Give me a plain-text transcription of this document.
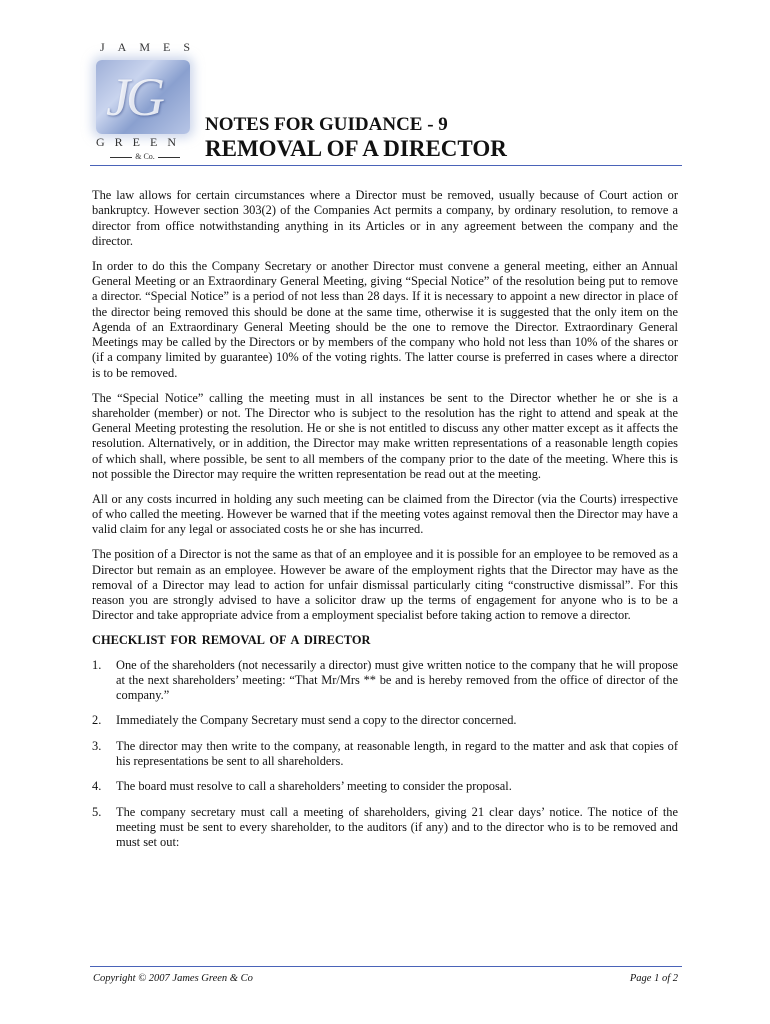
JAMES
JG
GREEN
& Co.
NOTES FOR GUIDANCE - 9
REMOVAL OF A DIRECTOR

The law allows for certain circumstances where a Director must be removed, usually because of Court action or bankruptcy. However section 303(2) of the Companies Act permits a company, by ordinary resolution, to remove a director from office notwithstanding anything in its Articles or in any agreement between the company and the director.

In order to do this the Company Secretary or another Director must convene a general meeting, either an Annual General Meeting or an Extraordinary General Meeting, giving “Special Notice” of the resolution being put to remove a director. “Special Notice” is a period of not less than 28 days. If it is necessary to appoint a new director in place of the director being removed this should be done at the same time, otherwise it is suggested that the only item on the Agenda of an Extraordinary General Meeting should be the one to remove the Director. Extraordinary General Meetings may be called by the Directors or by members of the company who hold not less than 10% of the shares or (if a company limited by guarantee) 10% of the voting rights. The latter course is preferred in cases where a director is to be removed.

The “Special Notice” calling the meeting must in all instances be sent to the Director whether he or she is a shareholder (member) or not. The Director who is subject to the resolution has the right to attend and speak at the General Meeting protesting the resolution. He or she is not entitled to discuss any other matter except as it affects the resolution. Alternatively, or in addition, the Director may make written representations of a reasonable length copies of which shall, where possible, be sent to all members of the company prior to the date of the meeting. Where this is not possible the Director may require the written representation be read out at the meeting.

All or any costs incurred in holding any such meeting can be claimed from the Director (via the Courts) irrespective of who called the meeting. However be warned that if the meeting votes against removal then the Director may have a valid claim for any legal or associated costs he or she has incurred.

The position of a Director is not the same as that of an employee and it is possible for an employee to be removed as a Director but remain as an employee. However be aware of the employment rights that the Director may have as the removal of a Director may lead to action for unfair dismissal particularly citing “constructive dismissal”. For this reason you are strongly advised to have a solicitor draw up the terms of engagement for anyone who is to be a Director and take appropriate advice from a employment specialist before taking action to remove a director.

CHECKLIST FOR REMOVAL OF A DIRECTOR
1. One of the shareholders (not necessarily a director) must give written notice to the company that he will propose at the next shareholders’ meeting: “That Mr/Mrs ** be and is hereby removed from the office of director of the company.”
2. Immediately the Company Secretary must send a copy to the director concerned.
3. The director may then write to the company, at reasonable length, in regard to the matter and ask that copies of his representations be sent to all shareholders.
4. The board must resolve to call a shareholders’ meeting to consider the proposal.
5. The company secretary must call a meeting of shareholders, giving 21 clear days’ notice. The notice of the meeting must be sent to every shareholder, to the auditors (if any) and to the director who is to be removed and must set out:
Copyright © 2007 James Green & Co	Page 1 of 2
